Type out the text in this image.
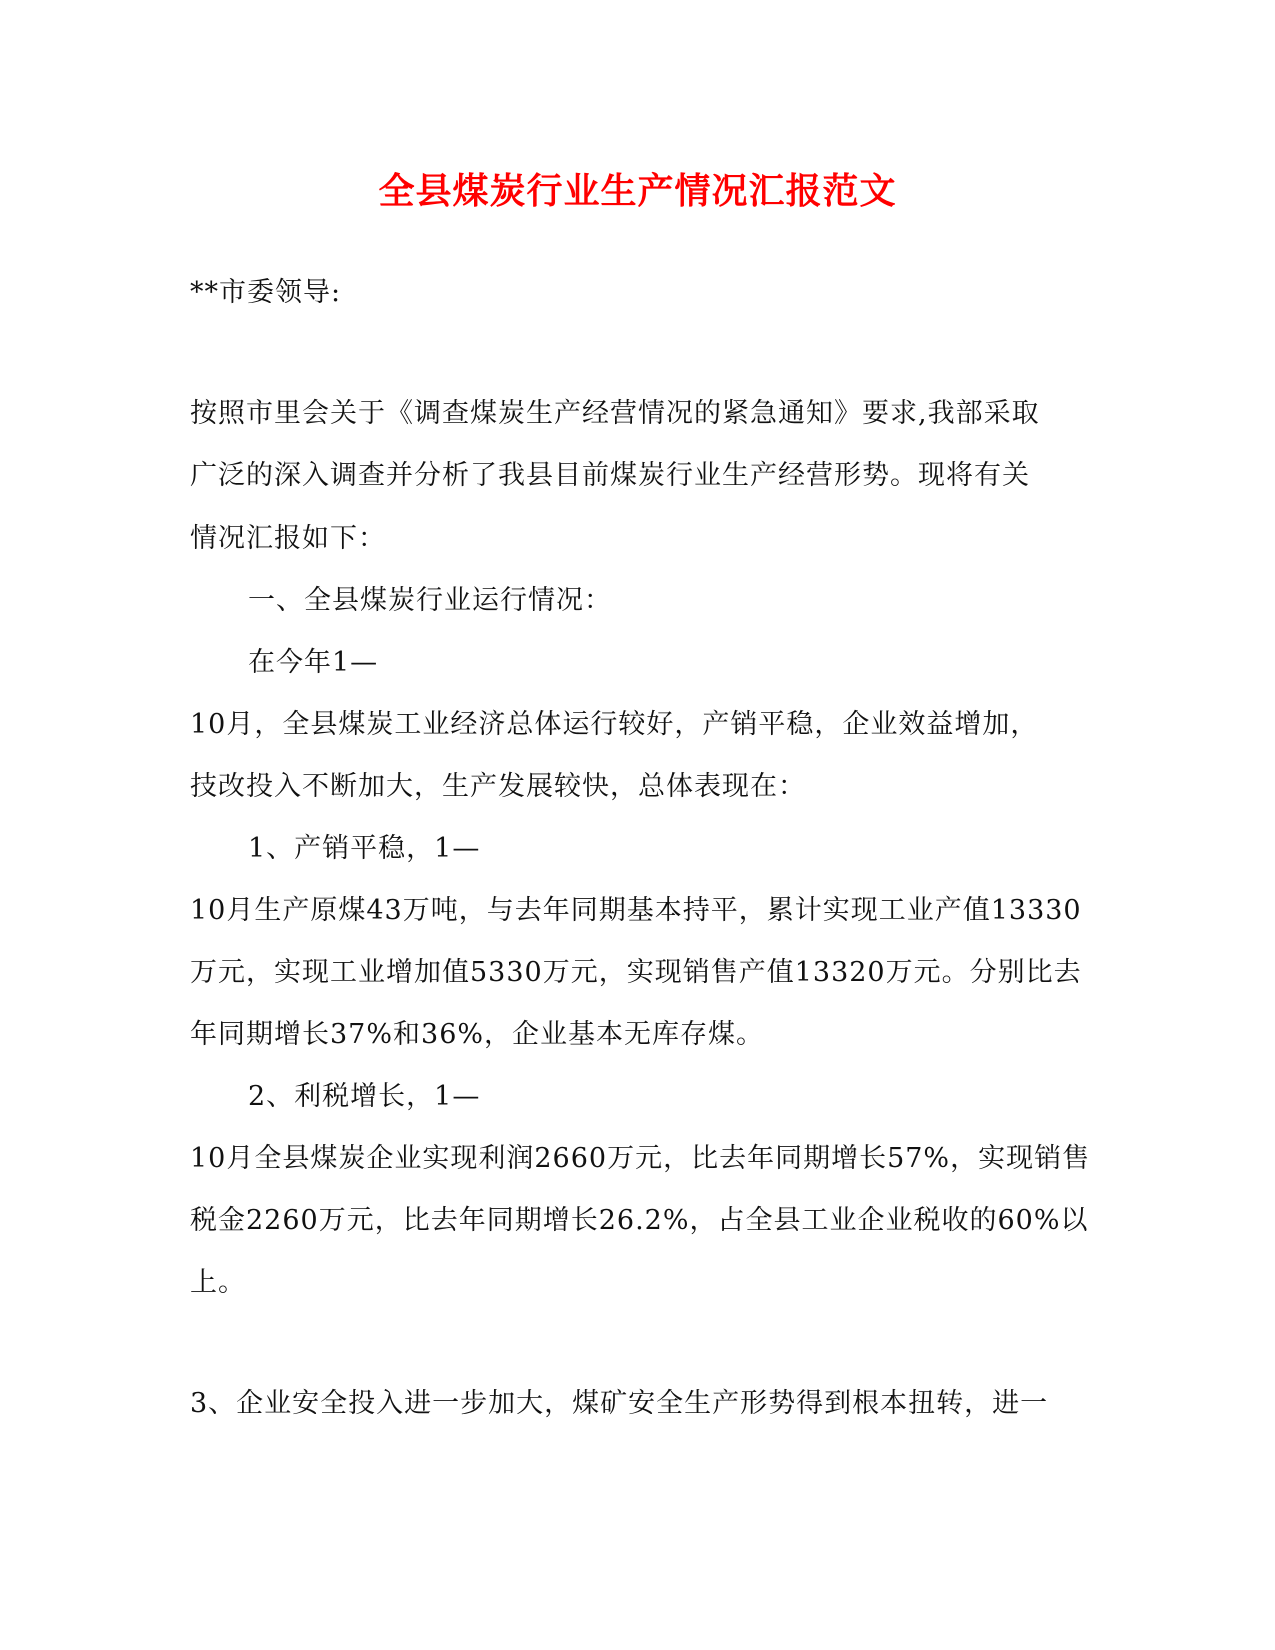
全县煤炭行业生产情况汇报范文
**市委领导:
按照市里会关于《调查煤炭生产经营情况的紧急通知》要求,我部采取
广泛的深入调查并分析了我县目前煤炭行业生产经营形势。现将有关
情况汇报如下：
一、全县煤炭行业运行情况：
在今年1—
10月，全县煤炭工业经济总体运行较好，产销平稳，企业效益增加，
技改投入不断加大，生产发展较快，总体表现在：
1、产销平稳，1—
10月生产原煤43万吨，与去年同期基本持平，累计实现工业产值13330
万元，实现工业增加值5330万元，实现销售产值13320万元。分别比去
年同期增长37%和36%，企业基本无库存煤。
2、利税增长，1—
10月全县煤炭企业实现利润2660万元，比去年同期增长57%，实现销售
税金2260万元，比去年同期增长26.2%，占全县工业企业税收的60%以
上。
3、企业安全投入进一步加大，煤矿安全生产形势得到根本扭转，进一
